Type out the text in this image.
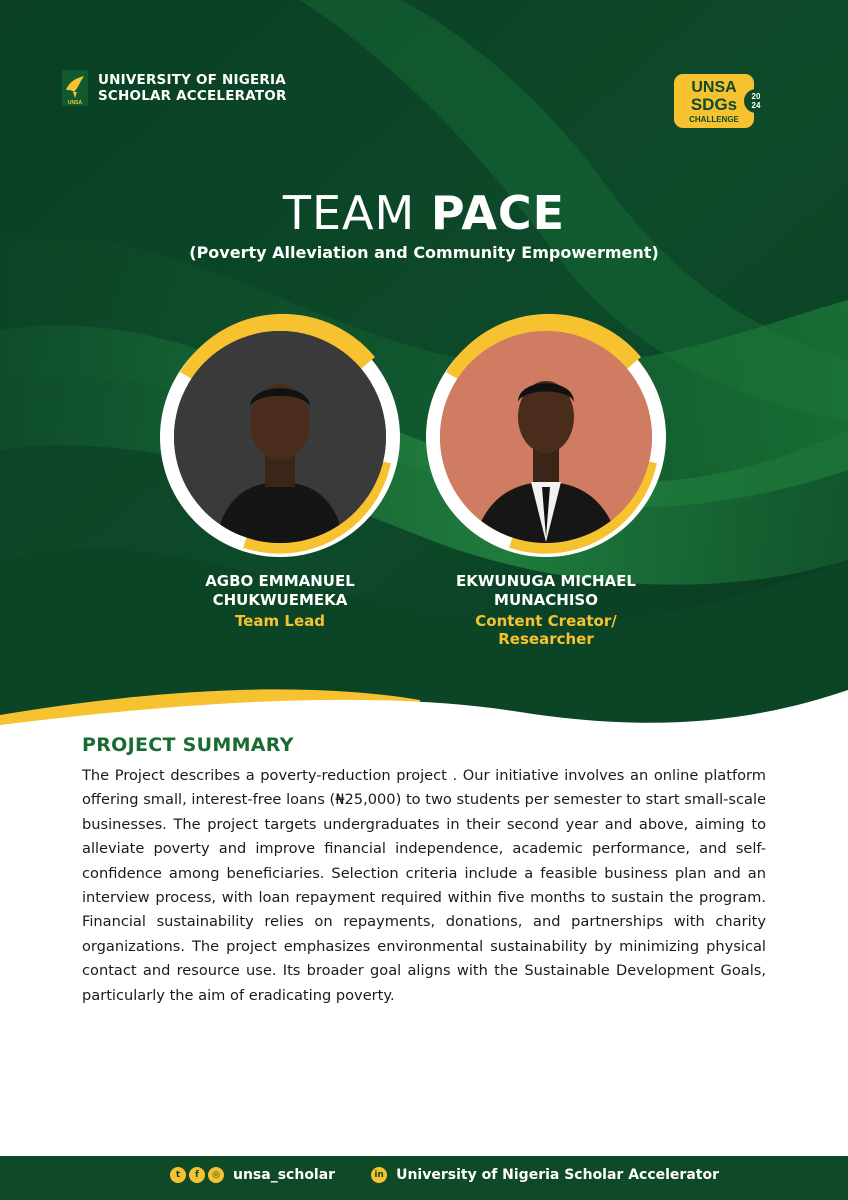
UNSA
UNIVERSITY OF NIGERIA
SCHOLAR ACCELERATOR	UNSA
SDGs
CHALLENGE
20
24
TEAM PACE
(Poverty Alleviation and Community Empowerment)
AGBO EMMANUEL
CHUKWUEMEKA
Team Lead
EKWUNUGA MICHAEL
MUNACHISO
Content Creator/
Researcher
PROJECT SUMMARY

The Project describes a poverty-reduction project . Our initiative involves an online platform offering small, interest-free loans (₦25,000) to two students per semester to start small-scale businesses. The project targets undergraduates in their second year and above, aiming to alleviate poverty and improve financial independence, academic performance, and self-confidence among beneficiaries. Selection criteria include a feasible business plan and an interview process, with loan repayment required within five months to sustain the program. Financial sustainability relies on repayments, donations, and partnerships with charity organizations. The project emphasizes environmental sustainability by minimizing physical contact and resource use. Its broader goal aligns with the Sustainable Development Goals, particularly the aim of eradicating poverty.

t	f	◎ unsa_scholar	in University of Nigeria Scholar Accelerator
